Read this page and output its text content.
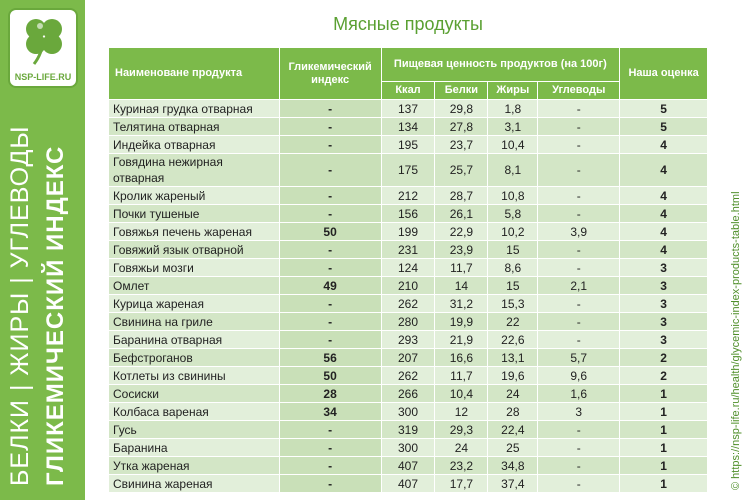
NSP-LIFE.RU
БЕЛКИ | ЖИРЫ | УГЛЕВОДЫ ГЛИКЕМИЧЕСКИЙ ИНДЕКС
Мясные продукты
© https://nsp-life.ru/health/glycemic-index-products-table.html
Наименоване продукта	Гликемический индекс	Пищевая ценность продуктов (на 100г)				Наша оценка
		Ккал	Белки	Жиры	Углеводы	
Куриная грудка отварная	-	137	29,8	1,8	-	5
Телятина отварная	-	134	27,8	3,1	-	5
Индейка отварная	-	195	23,7	10,4	-	4
Говядина нежирная отварная	-	175	25,7	8,1	-	4
Кролик жареный	-	212	28,7	10,8	-	4
Почки тушеные	-	156	26,1	5,8	-	4
Говяжья печень жареная	50	199	22,9	10,2	3,9	4
Говяжий язык отварной	-	231	23,9	15	-	4
Говяжьи мозги	-	124	11,7	8,6	-	3
Омлет	49	210	14	15	2,1	3
Курица жареная	-	262	31,2	15,3	-	3
Свинина на гриле	-	280	19,9	22	-	3
Баранина отварная	-	293	21,9	22,6	-	3
Бефстроганов	56	207	16,6	13,1	5,7	2
Котлеты из свинины	50	262	11,7	19,6	9,6	2
Сосиски	28	266	10,4	24	1,6	1
Колбаса вареная	34	300	12	28	3	1
Гусь	-	319	29,3	22,4	-	1
Баранина	-	300	24	25	-	1
Утка жареная	-	407	23,2	34,8	-	1
Свинина жареная	-	407	17,7	37,4	-	1
